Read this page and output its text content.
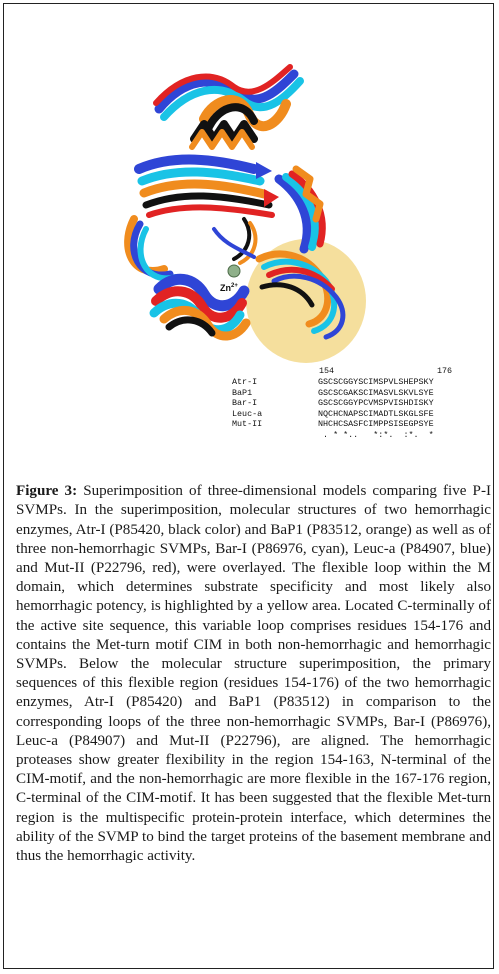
$Zn^{2+}$
154	176
Atr-I	GSCSCGGYSCIMSPVLSHEPSKY
BaP1	GSCSCGAKSCIMASVLSKVLSYE
Bar-I	GSCSCGGYPCVMSPVISHDISKY
Leuc-a	NQCHCNAPSCIMADTLSKGLSFE
Mut-II	NHCHCSASFCIMPPSISEGPSYE
. * *..   *:*.  :*.  *

Figure 3: Superimposition of three-dimensional models comparing five P-I SVMPs. In the superimposition, molecular structures of two hemorrhagic enzymes, Atr-I (P85420, black color) and BaP1 (P83512, orange) as well as of three non-hemorrhagic SVMPs, Bar-I (P86976, cyan), Leuc-a (P84907, blue) and Mut-II (P22796, red), were overlayed. The flexible loop within the M domain, which determines substrate specificity and most likely also hemorrhagic potency, is highlighted by a yellow area. Located C-terminally of the active site sequence, this variable loop comprises residues 154-176 and contains the Met-turn motif CIM in both non-hemorrhagic and hemorrhagic SVMPs. Below the molecular structure superimposition, the primary sequences of this flexible region (residues 154-176) of the two hemorrhagic enzymes, Atr-I (P85420) and BaP1 (P83512) in comparison to the corresponding loops of the three non-hemorrhagic SVMPs, Bar-I (P86976), Leuc-a (P84907) and Mut-II (P22796), are aligned. The hemorrhagic proteases show greater flexibility in the region 154-163, N-terminal of the CIM-motif, and the non-hemorrhagic are more flexible in the 167-176 region, C-terminal of the CIM-motif. It has been suggested that the flexible Met-turn region is the multispecific protein-protein interface, which determines the ability of the SVMP to bind the target proteins of the basement membrane and thus the hemorrhagic activity.
